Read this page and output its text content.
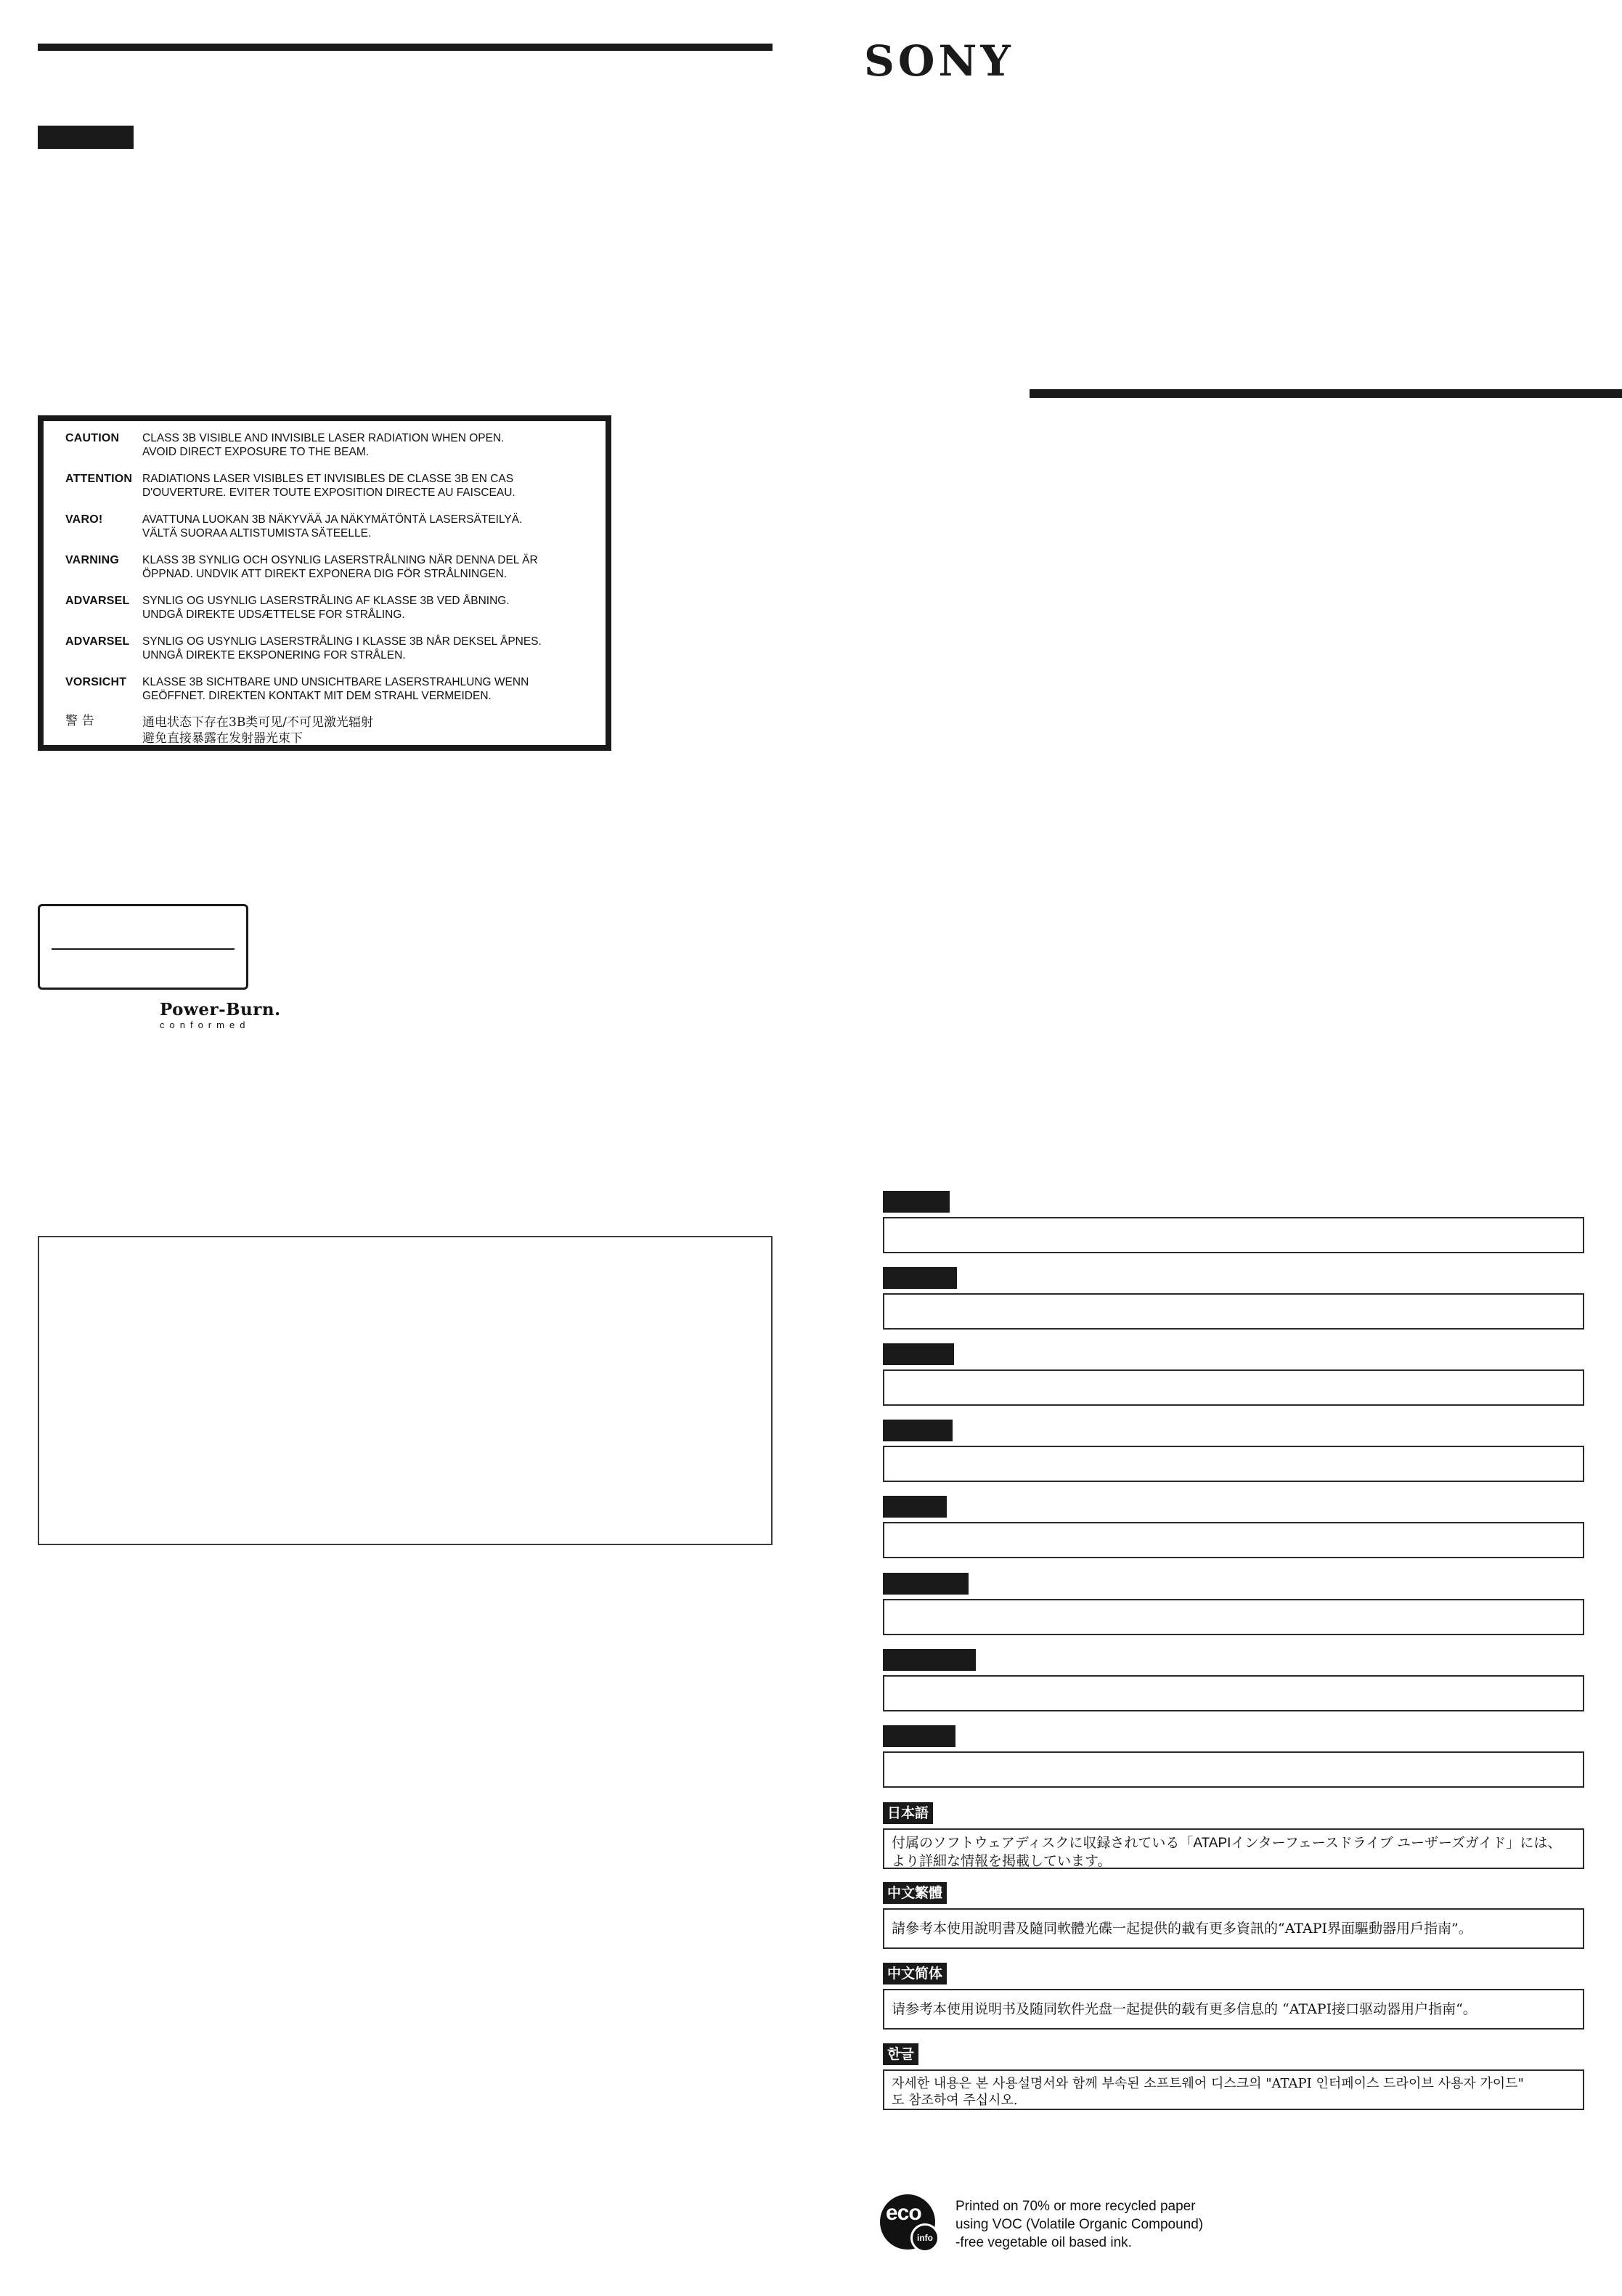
CAUTION	CLASS 3B VISIBLE AND INVISIBLE LASER RADIATION WHEN OPEN.
AVOID DIRECT EXPOSURE TO THE BEAM.
ATTENTION RADIATIONS LASER VISIBLES ET INVISIBLES DE CLASSE 3B EN CAS
D'OUVERTURE. EVITER TOUTE EXPOSITION DIRECTE AU FAISCEAU.
VARO!	AVATTUNA LUOKAN 3B NÄKYVÄÄ JA NÄKYMÄTÖNTÄ LASERSÄTEILYÄ.
VÄLTÄ SUORAA ALTISTUMISTA SÄTEELLE.
VARNING	KLASS 3B SYNLIG OCH OSYNLIG LASERSTRÅLNING NÄR DENNA DEL ÄR
ÖPPNAD. UNDVIK ATT DIREKT EXPONERA DIG FÖR STRÅLNINGEN.
ADVARSEL	SYNLIG OG USYNLIG LASERSTRÅLING AF KLASSE 3B VED ÅBNING.
UNDGÅ DIREKTE UDSÆTTELSE FOR STRÅLING.
ADVARSEL	SYNLIG OG USYNLIG LASERSTRÅLING I KLASSE 3B NÅR DEKSEL ÅPNES.
UNNGÅ DIREKTE EKSPONERING FOR STRÅLEN.
VORSICHT	KLASSE 3B SICHTBARE UND UNSICHTBARE LASERSTRAHLUNG WENN
GEÖFFNET. DIREKTEN KONTAKT MIT DEM STRAHL VERMEIDEN.
警 告	通电状态下存在3B类可见/不可见激光辐射
避免直接暴露在发射器光束下
Power-Burn.
conformed
SONY
日本語
付属のソフトウェアディスクに収録されている「ATAPIインターフェースドライブ ユーザーズガイド」には、
より詳細な情報を掲載しています。
中文繁體
請參考本使用說明書及隨同軟體光碟一起提供的載有更多資訊的“ATAPI界面驅動器用戶指南”。
中文简体
请参考本使用说明书及随同软件光盘一起提供的载有更多信息的 “ATAPI接口驱动器用户指南“。
한글
자세한 내용은 본 사용설명서와 함께 부속된 소프트웨어 디스크의 "ATAPI 인터페이스 드라이브 사용자 가이드"
도 참조하여 주십시오.
eco
info
Printed on 70% or more recycled paper
using VOC (Volatile Organic Compound)
-free vegetable oil based ink.
